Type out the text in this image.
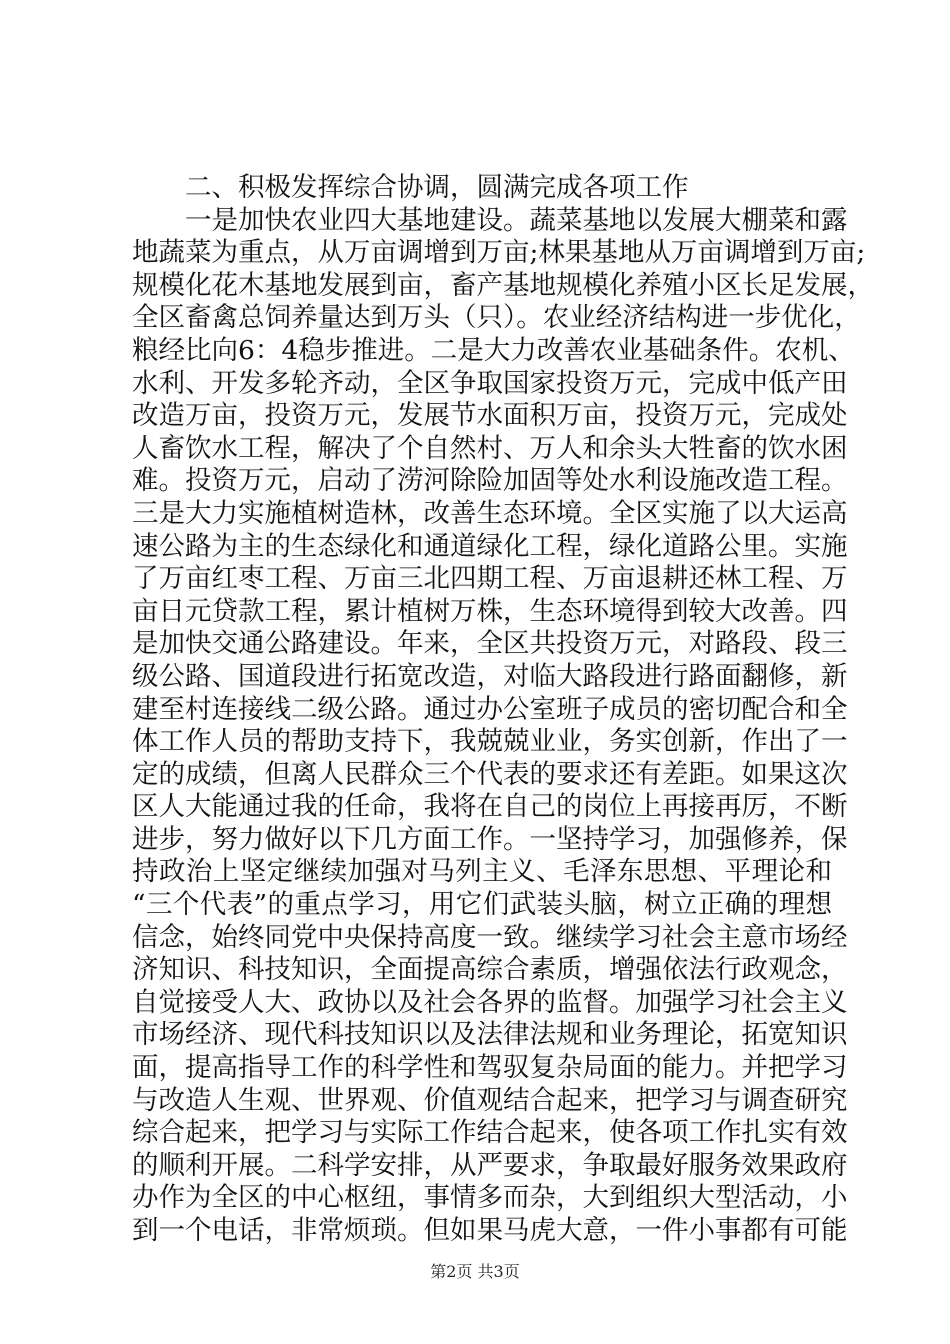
二、积极发挥综合协调，圆满完成各项工作
一是加快农业四大基地建设。蔬菜基地以发展大棚菜和露
地蔬菜为重点，从万亩调增到万亩;林果基地从万亩调增到万亩;
规模化花木基地发展到亩，畜产基地规模化养殖小区长足发展，
全区畜禽总饲养量达到万头（只）。农业经济结构进一步优化，
粮经比向6：4稳步推进。二是大力改善农业基础条件。农机、
水利、开发多轮齐动，全区争取国家投资万元，完成中低产田
改造万亩，投资万元，发展节水面积万亩，投资万元，完成处
人畜饮水工程，解决了个自然村、万人和余头大牲畜的饮水困
难。投资万元，启动了涝河除险加固等处水利设施改造工程。
三是大力实施植树造林，改善生态环境。全区实施了以大运高
速公路为主的生态绿化和通道绿化工程，绿化道路公里。实施
了万亩红枣工程、万亩三北四期工程、万亩退耕还林工程、万
亩日元贷款工程，累计植树万株，生态环境得到较大改善。四
是加快交通公路建设。年来，全区共投资万元，对路段、段三
级公路、国道段进行拓宽改造，对临大路段进行路面翻修，新
建至村连接线二级公路。通过办公室班子成员的密切配合和全
体工作人员的帮助支持下，我兢兢业业，务实创新，作出了一
定的成绩，但离人民群众三个代表的要求还有差距。如果这次
区人大能通过我的任命，我将在自己的岗位上再接再厉，不断
进步，努力做好以下几方面工作。一坚持学习，加强修养，保
持政治上坚定继续加强对马列主义、毛泽东思想、平理论和
“三个代表”的重点学习，用它们武装头脑，树立正确的理想
信念，始终同党中央保持高度一致。继续学习社会主意市场经
济知识、科技知识，全面提高综合素质，增强依法行政观念，
自觉接受人大、政协以及社会各界的监督。加强学习社会主义
市场经济、现代科技知识以及法律法规和业务理论，拓宽知识
面，提高指导工作的科学性和驾驭复杂局面的能力。并把学习
与改造人生观、世界观、价值观结合起来，把学习与调查研究
综合起来，把学习与实际工作结合起来，使各项工作扎实有效
的顺利开展。二科学安排，从严要求，争取最好服务效果政府
办作为全区的中心枢纽，事情多而杂，大到组织大型活动，小
到一个电话，非常烦琐。但如果马虎大意，一件小事都有可能
第2页 共3页
